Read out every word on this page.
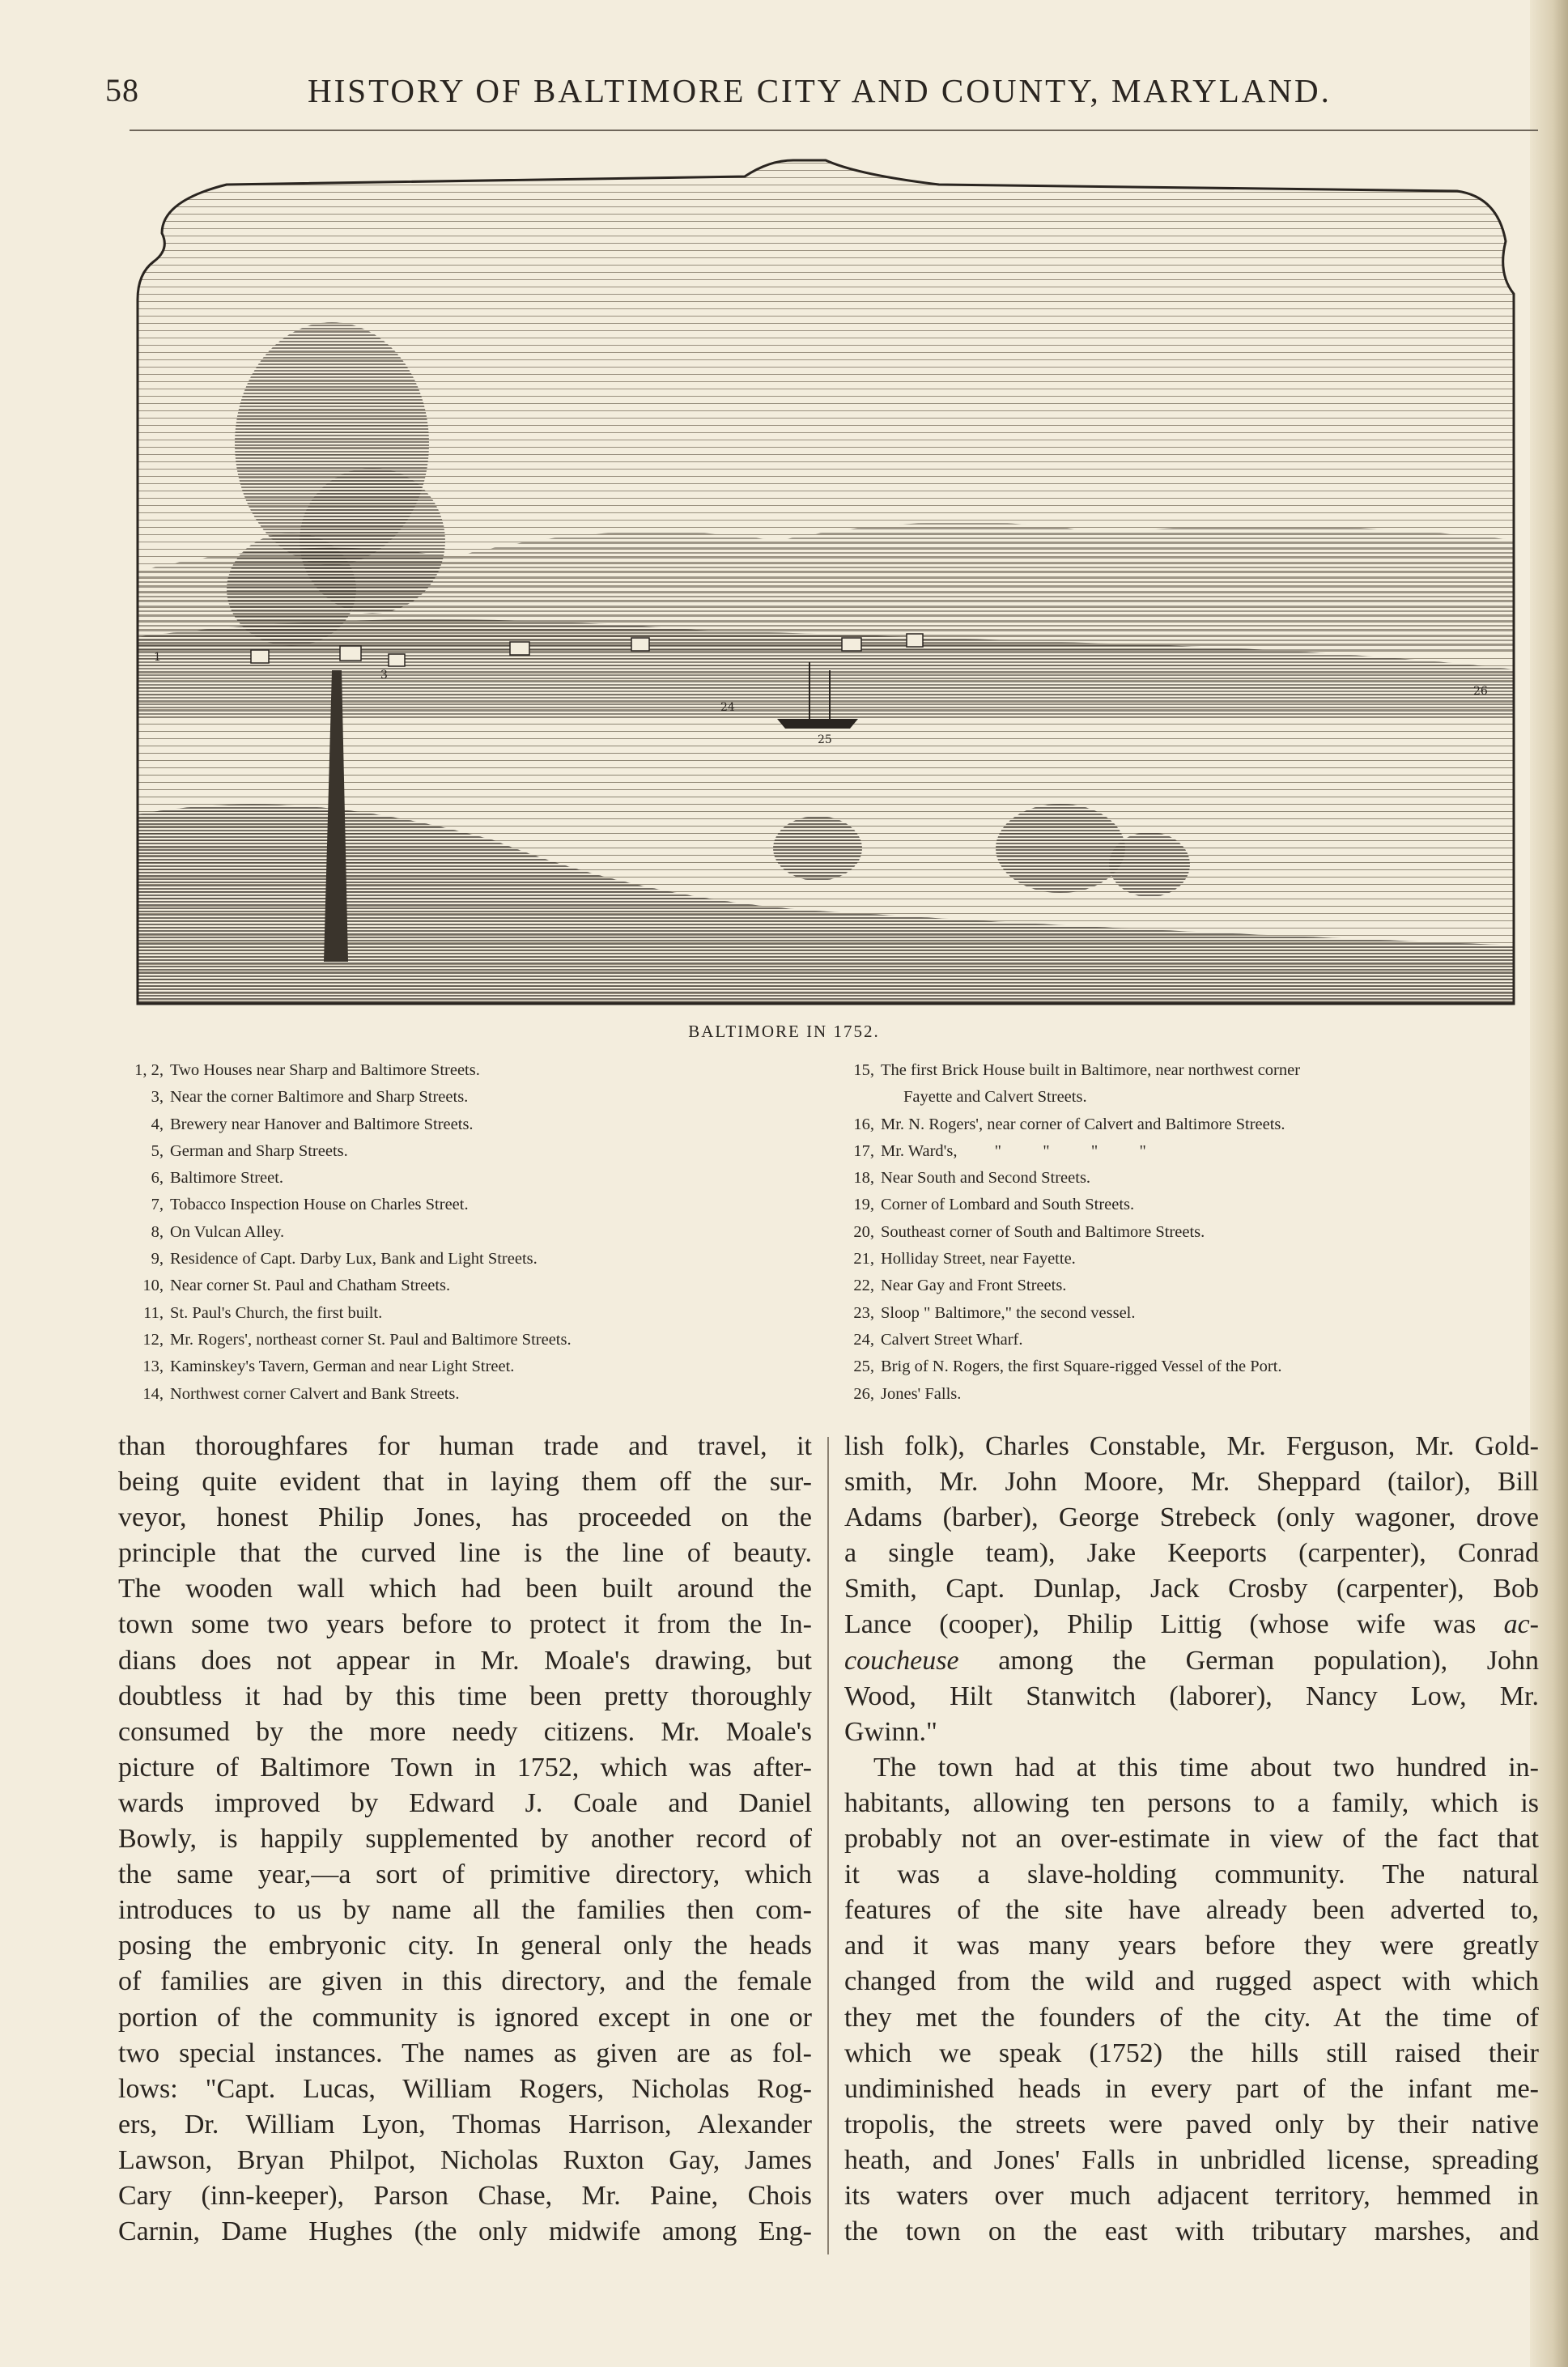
58	HISTORY OF BALTIMORE CITY AND COUNTY, MARYLAND.
1
3
24
25
26
BALTIMORE IN 1752.
1, 2, Two Houses near Sharp and Baltimore Streets.
3, Near the corner Baltimore and Sharp Streets.
4, Brewery near Hanover and Baltimore Streets.
5, German and Sharp Streets.
6, Baltimore Street.
7, Tobacco Inspection House on Charles Street.
8, On Vulcan Alley.
9, Residence of Capt. Darby Lux, Bank and Light Streets.
10, Near corner St. Paul and Chatham Streets.
11, St. Paul's Church, the first built.
12, Mr. Rogers', northeast corner St. Paul and Baltimore Streets.
13, Kaminskey's Tavern, German and near Light Street.
14, Northwest corner Calvert and Bank Streets.
15, The first Brick House built in Baltimore, near northwest corner
Fayette and Calvert Streets.
16, Mr. N. Rogers', near corner of Calvert and Baltimore Streets.
17, Mr. Ward's,         "          "          "          "
18, Near South and Second Streets.
19, Corner of Lombard and South Streets.
20, Southeast corner of South and Baltimore Streets.
21, Holliday Street, near Fayette.
22, Near Gay and Front Streets.
23, Sloop " Baltimore," the second vessel.
24, Calvert Street Wharf.
25, Brig of N. Rogers, the first Square-rigged Vessel of the Port.
26, Jones' Falls.
than thoroughfares for human trade and travel, it
being quite evident that in laying them off the sur-
veyor, honest Philip Jones, has proceeded on the
principle that the curved line is the line of beauty.
The wooden wall which had been built around the
town some two years before to protect it from the In-
dians does not appear in Mr. Moale's drawing, but
doubtless it had by this time been pretty thoroughly
consumed by the more needy citizens. Mr. Moale's
picture of Baltimore Town in 1752, which was after-
wards improved by Edward J. Coale and Daniel
Bowly, is happily supplemented by another record of
the same year,—a sort of primitive directory, which
introduces to us by name all the families then com-
posing the embryonic city. In general only the heads
of families are given in this directory, and the female
portion of the community is ignored except in one or
two special instances. The names as given are as fol-
lows: "Capt. Lucas, William Rogers, Nicholas Rog-
ers, Dr. William Lyon, Thomas Harrison, Alexander
Lawson, Bryan Philpot, Nicholas Ruxton Gay, James
Cary (inn-keeper), Parson Chase, Mr. Paine, Chois
Carnin, Dame Hughes (the only midwife among Eng-
lish folk), Charles Constable, Mr. Ferguson, Mr. Gold-
smith, Mr. John Moore, Mr. Sheppard (tailor), Bill
Adams (barber), George Strebeck (only wagoner, drove
a single team), Jake Keeports (carpenter), Conrad
Smith, Capt. Dunlap, Jack Crosby (carpenter), Bob
Lance (cooper), Philip Littig (whose wife was ac-
coucheuse among the German population), John
Wood, Hilt Stanwitch (laborer), Nancy Low, Mr.
Gwinn."
The town had at this time about two hundred in-
habitants, allowing ten persons to a family, which is
probably not an over-estimate in view of the fact that
it was a slave-holding community. The natural
features of the site have already been adverted to,
and it was many years before they were greatly
changed from the wild and rugged aspect with which
they met the founders of the city. At the time of
which we speak (1752) the hills still raised their
undiminished heads in every part of the infant me-
tropolis, the streets were paved only by their native
heath, and Jones' Falls in unbridled license, spreading
its waters over much adjacent territory, hemmed in
the town on the east with tributary marshes, and
